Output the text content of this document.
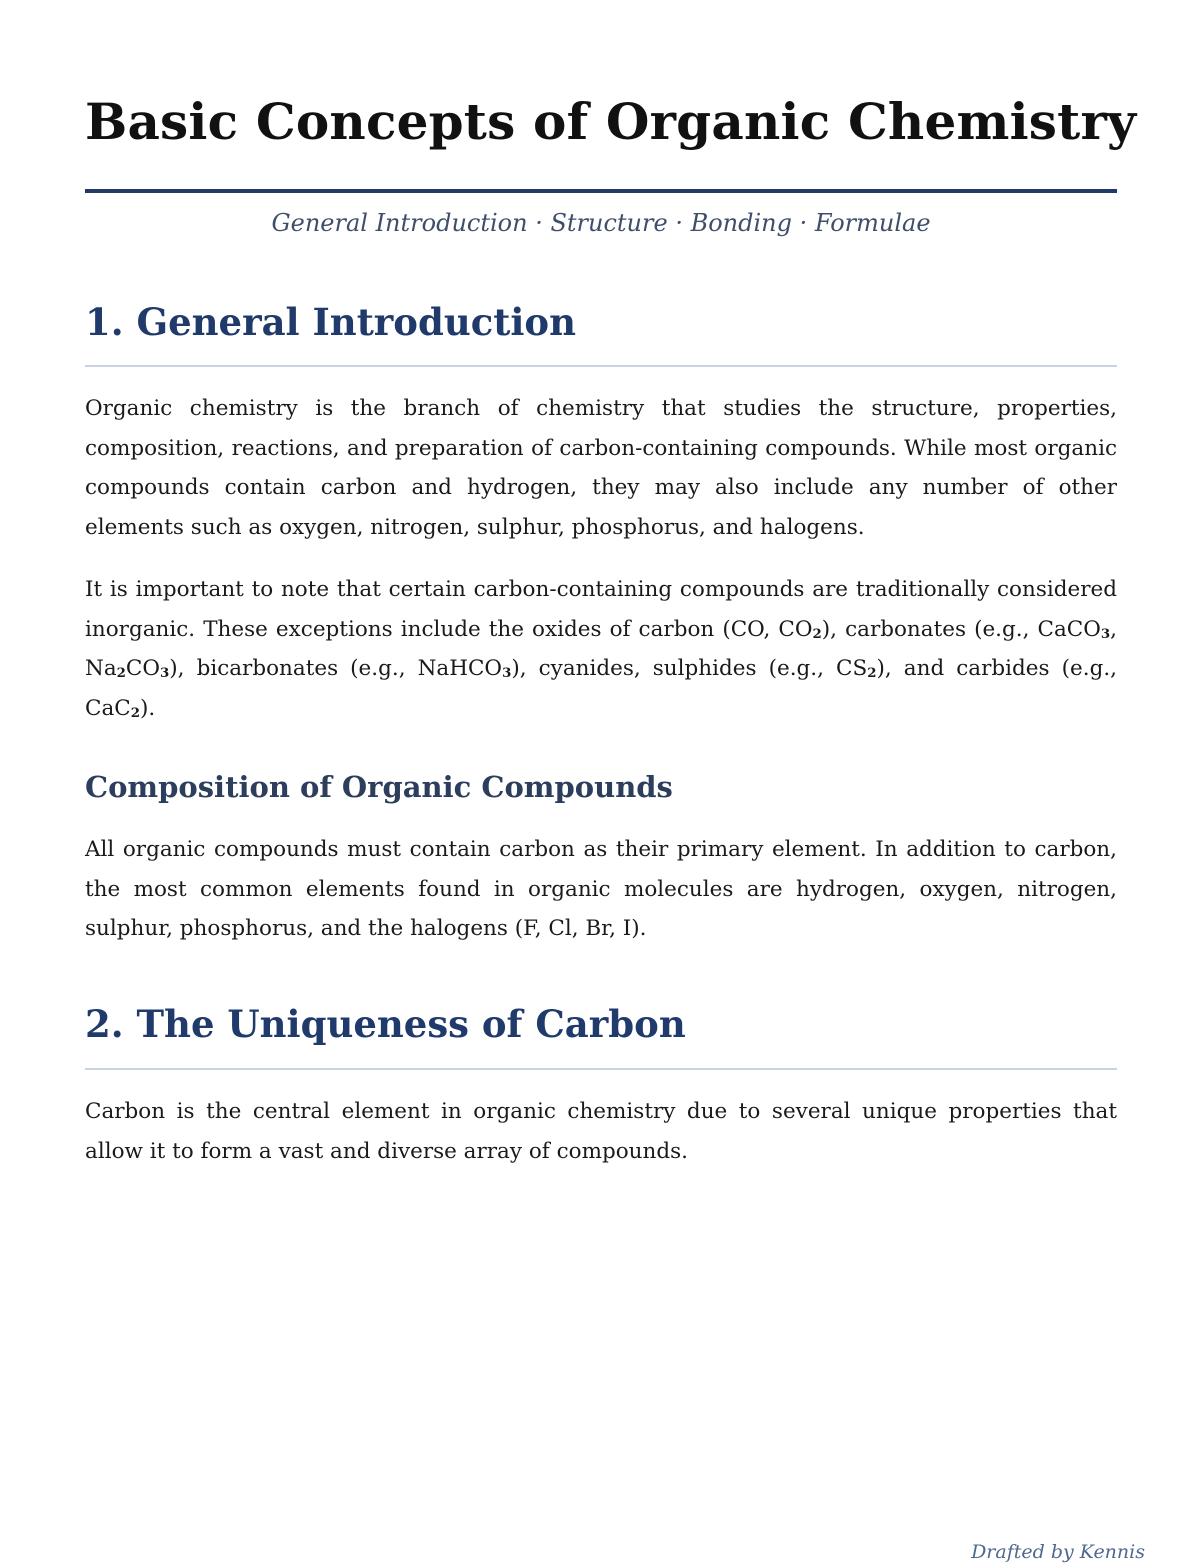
Basic Concepts of Organic Chemistry
General Introduction · Structure · Bonding · Formulae
1. General Introduction

Organic chemistry is the branch of chemistry that studies the structure, properties, composition, reactions, and preparation of carbon-containing compounds. While most organic compounds contain carbon and hydrogen, they may also include any number of other elements such as oxygen, nitrogen, sulphur, phosphorus, and halogens.

It is important to note that certain carbon-containing compounds are traditionally considered inorganic. These exceptions include the oxides of carbon (CO, $CO_2$), carbonates (e.g., CaCO$_3$, $Na_2CO_3$), bicarbonates (e.g., NaHCO$_3$), cyanides, sulphides (e.g., $CS_2$), and carbides (e.g., CaC$_2$).

Composition of Organic Compounds

All organic compounds must contain carbon as their primary element. In addition to carbon, the most common elements found in organic molecules are hydrogen, oxygen, nitrogen, sulphur, phosphorus, and the halogens (F, Cl, Br, I).

2. The Uniqueness of Carbon

Carbon is the central element in organic chemistry due to several unique properties that allow it to form a vast and diverse array of compounds.

Drafted by Kennis
